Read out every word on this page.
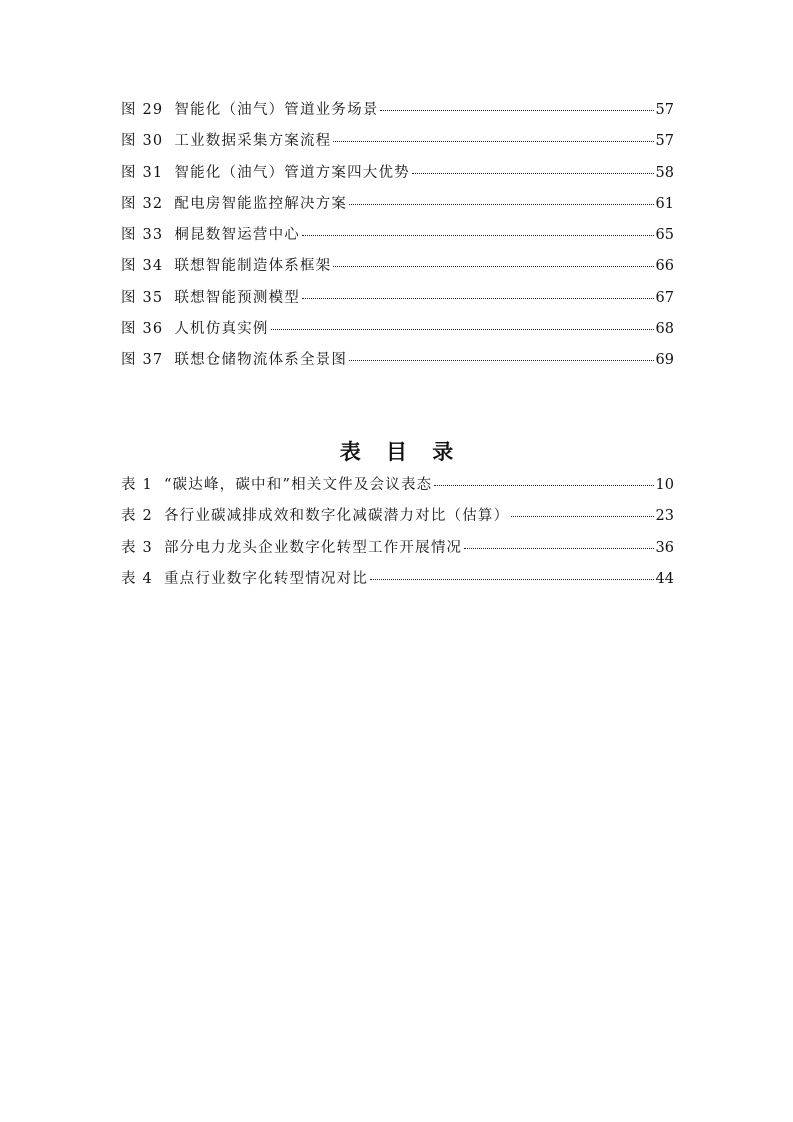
图 29 智能化（油气）管道业务场景	57
图 30 工业数据采集方案流程	57
图 31 智能化（油气）管道方案四大优势	58
图 32 配电房智能监控解决方案	61
图 33 桐昆数智运营中心	65
图 34 联想智能制造体系框架	66
图 35 联想智能预测模型	67
图 36 人机仿真实例	68
图 37 联想仓储物流体系全景图	69
表 目 录
表 1 “碳达峰，碳中和”相关文件及会议表态	10
表 2 各行业碳减排成效和数字化减碳潜力对比（估算）	23
表 3 部分电力龙头企业数字化转型工作开展情况	36
表 4 重点行业数字化转型情况对比	44
